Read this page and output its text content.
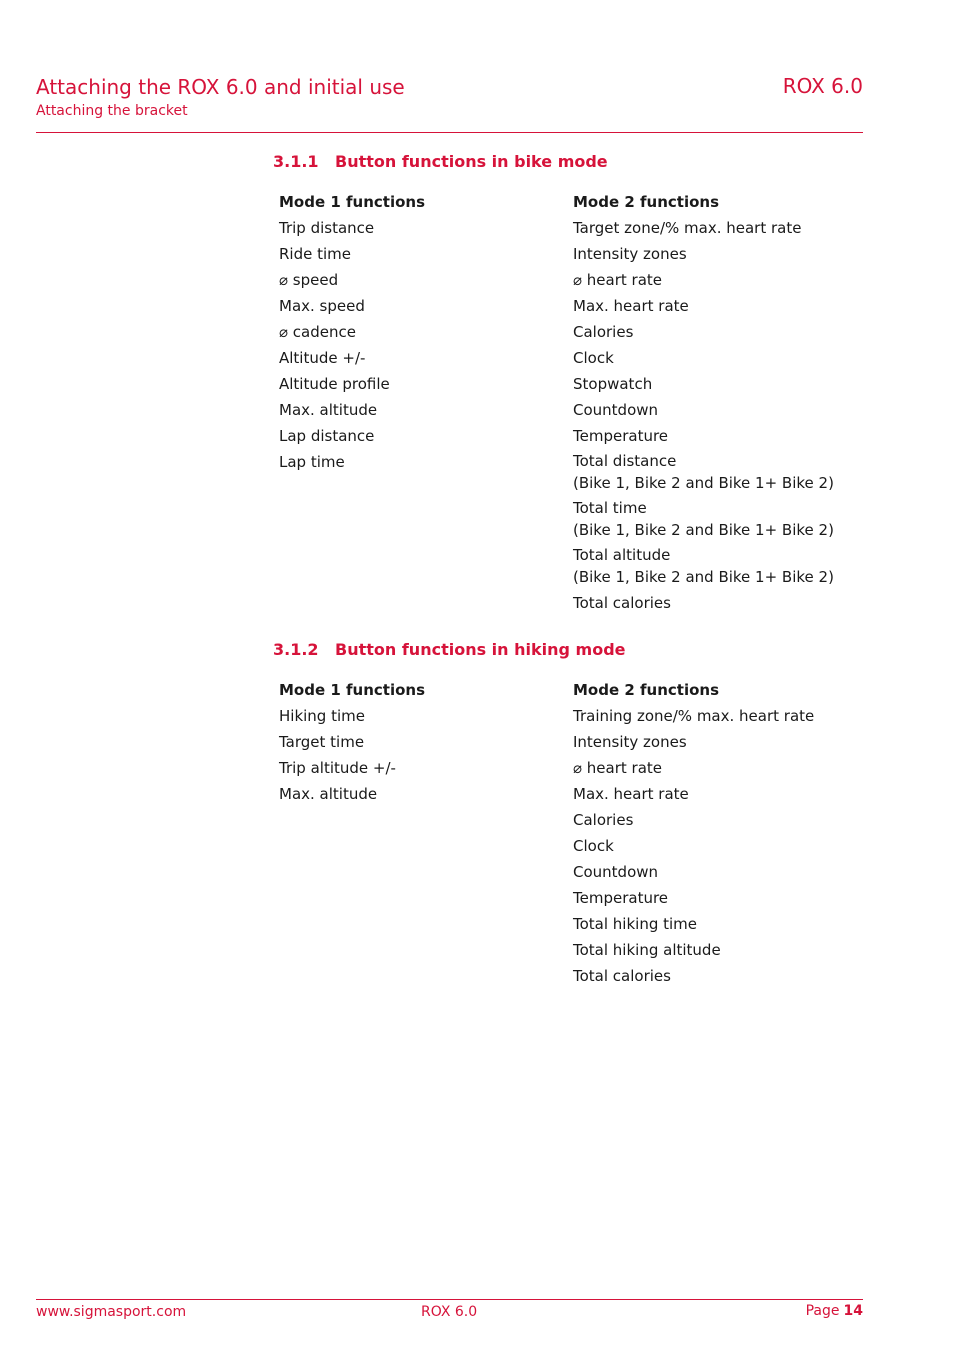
Attaching the ROX 6.0 and initial use
Attaching the bracket
ROX 6.0
3.1.1 Button functions in bike mode
Mode 1 functions
Trip distance
Ride time
⌀ speed
Max. speed
⌀ cadence
Altitude +/-
Altitude profile
Max. altitude
Lap distance
Lap time
Mode 2 functions
Target zone/% max. heart rate
Intensity zones
⌀ heart rate
Max. heart rate
Calories
Clock
Stopwatch
Countdown
Temperature
Total distance
(Bike 1, Bike 2 and Bike 1+ Bike 2)
Total time
(Bike 1, Bike 2 and Bike 1+ Bike 2)
Total altitude
(Bike 1, Bike 2 and Bike 1+ Bike 2)
Total calories
3.1.2 Button functions in hiking mode
Mode 1 functions
Hiking time
Target time
Trip altitude +/-
Max. altitude
Mode 2 functions
Training zone/% max. heart rate
Intensity zones
⌀ heart rate
Max. heart rate
Calories
Clock
Countdown
Temperature
Total hiking time
Total hiking altitude
Total calories
www.sigmasport.com	ROX 6.0	Page 14
